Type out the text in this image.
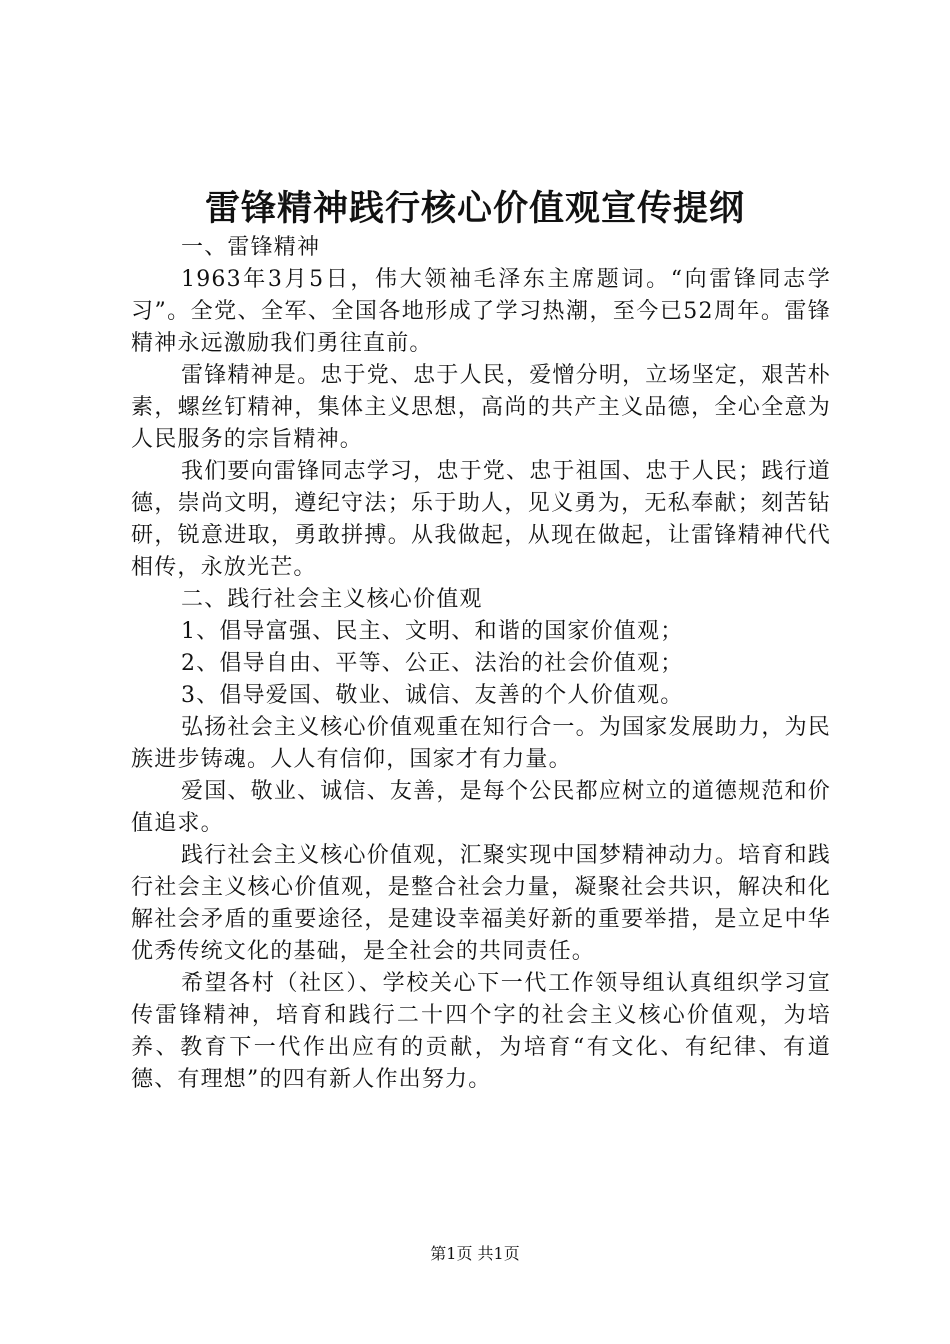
雷锋精神践行核心价值观宣传提纲

一、雷锋精神

1963年3月5日，伟大领袖毛泽东主席题词。“向雷锋同志学习”。全党、全军、全国各地形成了学习热潮，至今已52周年。雷锋精神永远激励我们勇往直前。

雷锋精神是。忠于党、忠于人民，爱憎分明，立场坚定，艰苦朴素，螺丝钉精神，集体主义思想，高尚的共产主义品德，全心全意为人民服务的宗旨精神。

我们要向雷锋同志学习，忠于党、忠于祖国、忠于人民；践行道德，崇尚文明，遵纪守法；乐于助人，见义勇为，无私奉献；刻苦钻研，锐意进取，勇敢拼搏。从我做起，从现在做起，让雷锋精神代代相传，永放光芒。

二、践行社会主义核心价值观

1、倡导富强、民主、文明、和谐的国家价值观；

2、倡导自由、平等、公正、法治的社会价值观；

3、倡导爱国、敬业、诚信、友善的个人价值观。

弘扬社会主义核心价值观重在知行合一。为国家发展助力，为民族进步铸魂。人人有信仰，国家才有力量。

爱国、敬业、诚信、友善，是每个公民都应树立的道德规范和价值追求。

践行社会主义核心价值观，汇聚实现中国梦精神动力。培育和践行社会主义核心价值观，是整合社会力量，凝聚社会共识，解决和化解社会矛盾的重要途径，是建设幸福美好新的重要举措，是立足中华优秀传统文化的基础，是全社会的共同责任。

希望各村（社区）、学校关心下一代工作领导组认真组织学习宣传雷锋精神，培育和践行二十四个字的社会主义核心价值观，为培养、教育下一代作出应有的贡献，为培育“有文化、有纪律、有道德、有理想”的四有新人作出努力。

第1页 共1页
